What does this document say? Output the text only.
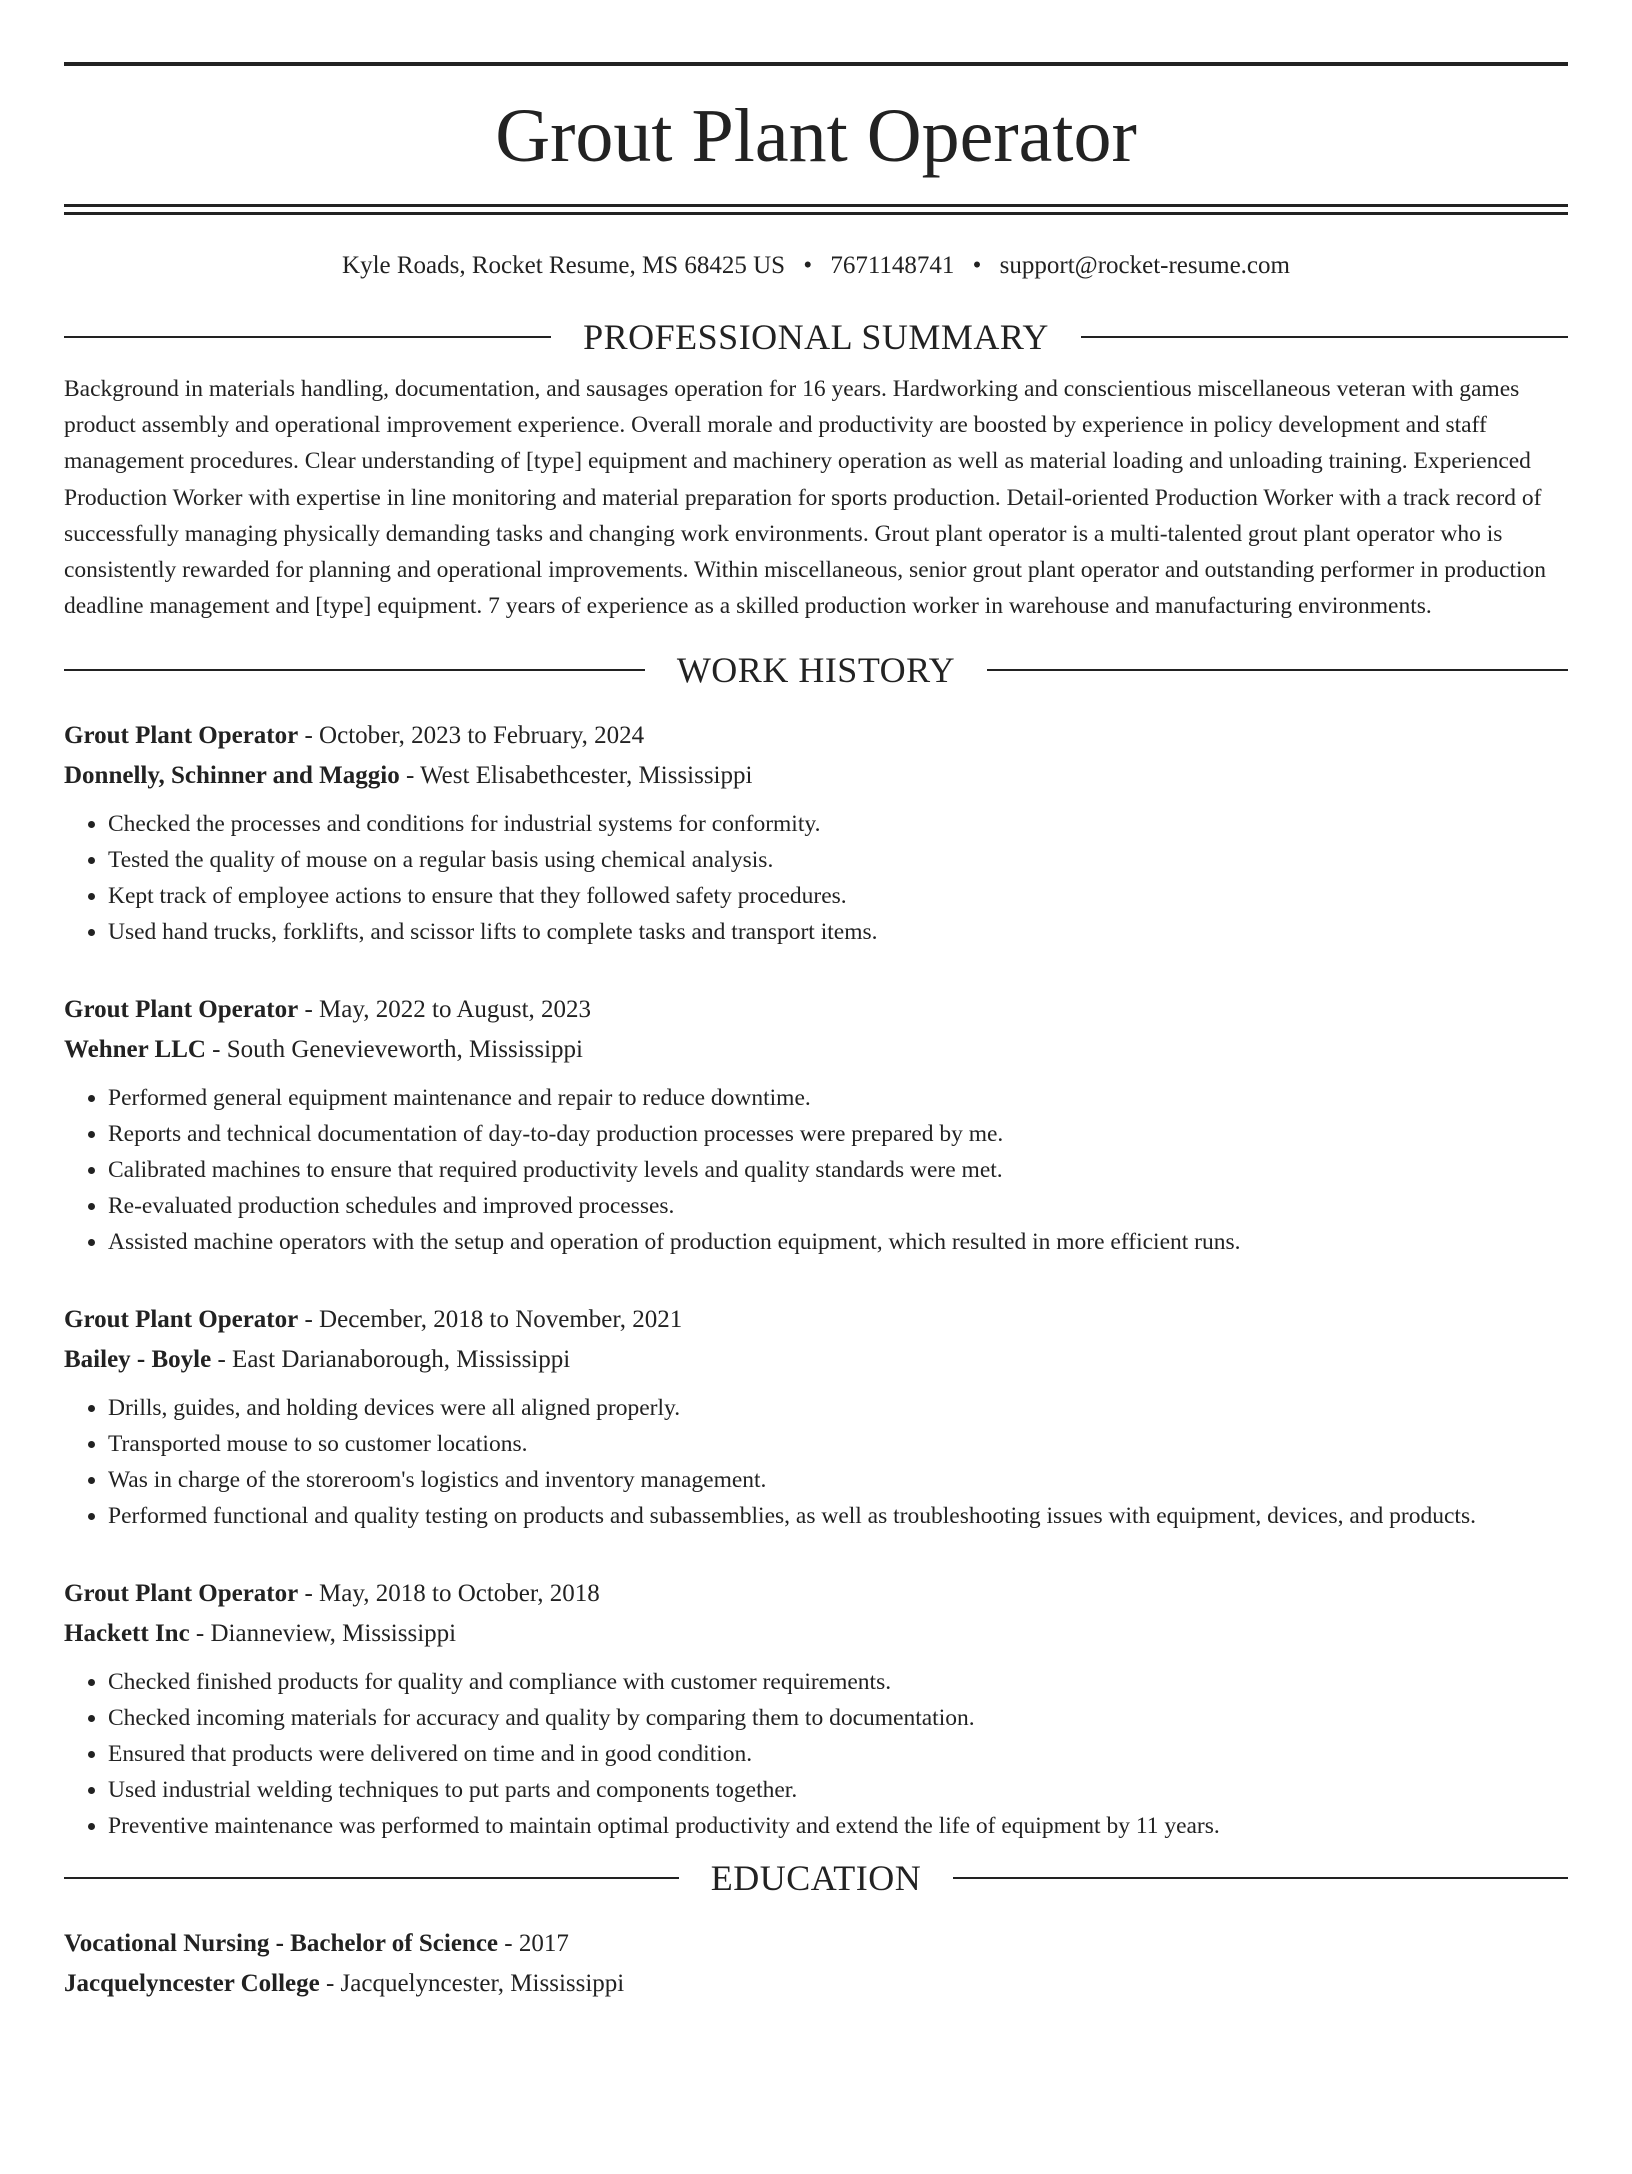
Grout Plant Operator
Kyle Roads, Rocket Resume, MS 68425 US • 7671148741 • support@rocket-resume.com
PROFESSIONAL SUMMARY
Background in materials handling, documentation, and sausages operation for 16 years. Hardworking and conscientious miscellaneous veteran with games product assembly and operational improvement experience. Overall morale and productivity are boosted by experience in policy development and staff management procedures. Clear understanding of [type] equipment and machinery operation as well as material loading and unloading training. Experienced Production Worker with expertise in line monitoring and material preparation for sports production. Detail-oriented Production Worker with a track record of successfully managing physically demanding tasks and changing work environments. Grout plant operator is a multi-talented grout plant operator who is consistently rewarded for planning and operational improvements. Within miscellaneous, senior grout plant operator and outstanding performer in production deadline management and [type] equipment. 7 years of experience as a skilled production worker in warehouse and manufacturing environments.
WORK HISTORY
Grout Plant Operator - October, 2023 to February, 2024
Donnelly, Schinner and Maggio - West Elisabethcester, Mississippi
• Checked the processes and conditions for industrial systems for conformity.
• Tested the quality of mouse on a regular basis using chemical analysis.
• Kept track of employee actions to ensure that they followed safety procedures.
• Used hand trucks, forklifts, and scissor lifts to complete tasks and transport items.
Grout Plant Operator - May, 2022 to August, 2023
Wehner LLC - South Genevieveworth, Mississippi
• Performed general equipment maintenance and repair to reduce downtime.
• Reports and technical documentation of day-to-day production processes were prepared by me.
• Calibrated machines to ensure that required productivity levels and quality standards were met.
• Re-evaluated production schedules and improved processes.
• Assisted machine operators with the setup and operation of production equipment, which resulted in more efficient runs.
Grout Plant Operator - December, 2018 to November, 2021
Bailey - Boyle - East Darianaborough, Mississippi
• Drills, guides, and holding devices were all aligned properly.
• Transported mouse to so customer locations.
• Was in charge of the storeroom's logistics and inventory management.
• Performed functional and quality testing on products and subassemblies, as well as troubleshooting issues with equipment, devices, and products.
Grout Plant Operator - May, 2018 to October, 2018
Hackett Inc - Dianneview, Mississippi
• Checked finished products for quality and compliance with customer requirements.
• Checked incoming materials for accuracy and quality by comparing them to documentation.
• Ensured that products were delivered on time and in good condition.
• Used industrial welding techniques to put parts and components together.
• Preventive maintenance was performed to maintain optimal productivity and extend the life of equipment by 11 years.
EDUCATION
Vocational Nursing - Bachelor of Science - 2017
Jacquelyncester College - Jacquelyncester, Mississippi
